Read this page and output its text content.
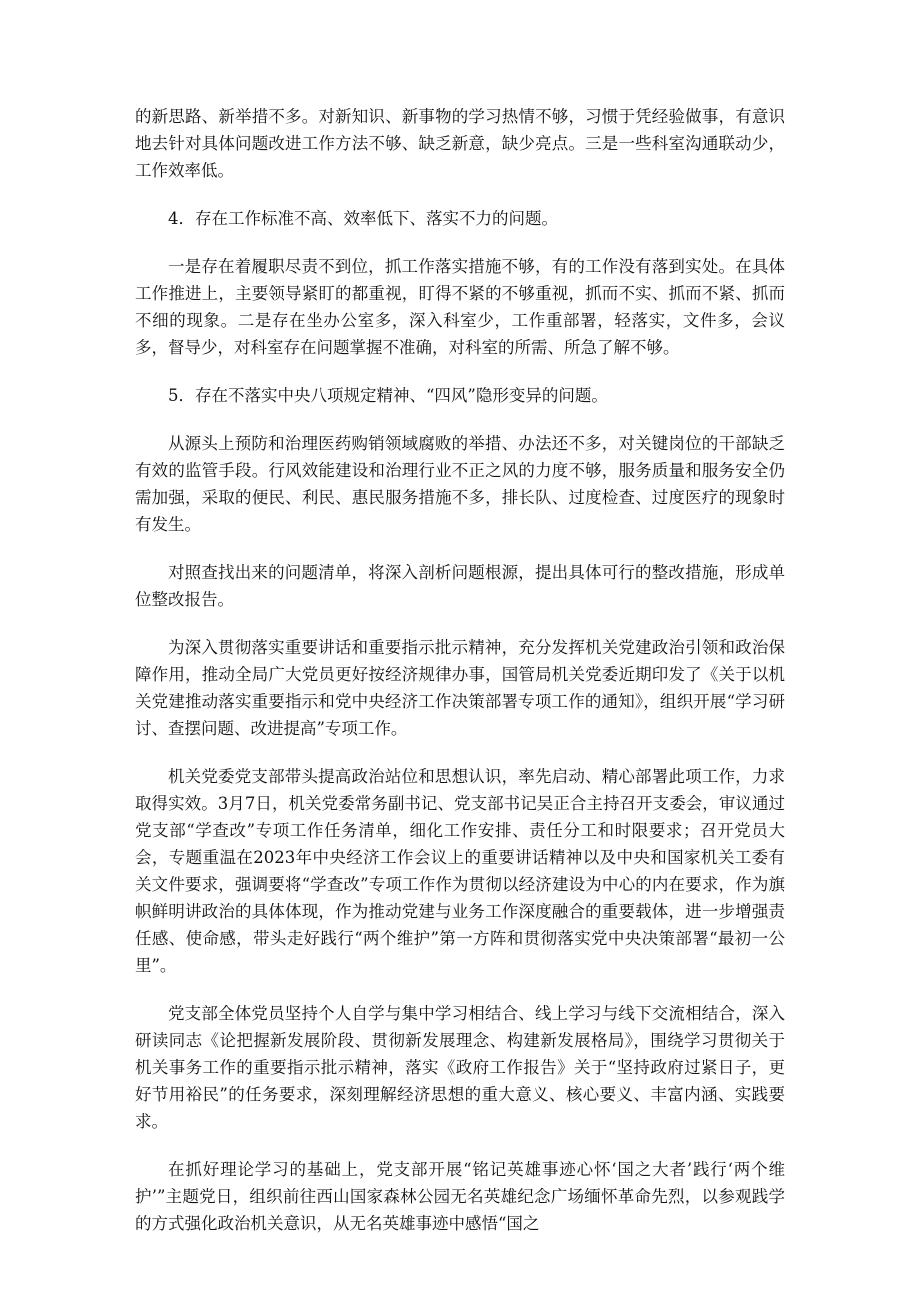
的新思路、新举措不多。对新知识、新事物的学习热情不够，习惯于凭经验做事，有意识地去针对具体问题改进工作方法不够、缺乏新意，缺少亮点。三是一些科室沟通联动少，工作效率低。

4．存在工作标准不高、效率低下、落实不力的问题。

一是存在着履职尽责不到位，抓工作落实措施不够，有的工作没有落到实处。在具体工作推进上，主要领导紧盯的都重视，盯得不紧的不够重视，抓而不实、抓而不紧、抓而不细的现象。二是存在坐办公室多，深入科室少，工作重部署，轻落实，文件多，会议多，督导少，对科室存在问题掌握不准确，对科室的所需、所急了解不够。

5．存在不落实中央八项规定精神、“四风”隐形变异的问题。

从源头上预防和治理医药购销领域腐败的举措、办法还不多，对关键岗位的干部缺乏有效的监管手段。行风效能建设和治理行业不正之风的力度不够，服务质量和服务安全仍需加强，采取的便民、利民、惠民服务措施不多，排长队、过度检查、过度医疗的现象时有发生。

对照查找出来的问题清单，将深入剖析问题根源，提出具体可行的整改措施，形成单位整改报告。

为深入贯彻落实重要讲话和重要指示批示精神，充分发挥机关党建政治引领和政治保障作用，推动全局广大党员更好按经济规律办事，国管局机关党委近期印发了《关于以机关党建推动落实重要指示和党中央经济工作决策部署专项工作的通知》，组织开展“学习研讨、查摆问题、改进提高”专项工作。

机关党委党支部带头提高政治站位和思想认识，率先启动、精心部署此项工作，力求取得实效。3月7日，机关党委常务副书记、党支部书记吴正合主持召开支委会，审议通过党支部“学查改”专项工作任务清单，细化工作安排、责任分工和时限要求；召开党员大会，专题重温在2023年中央经济工作会议上的重要讲话精神以及中央和国家机关工委有关文件要求，强调要将“学查改”专项工作作为贯彻以经济建设为中心的内在要求，作为旗帜鲜明讲政治的具体体现，作为推动党建与业务工作深度融合的重要载体，进一步增强责任感、使命感，带头走好践行“两个维护”第一方阵和贯彻落实党中央决策部署“最初一公里”。

党支部全体党员坚持个人自学与集中学习相结合、线上学习与线下交流相结合，深入研读同志《论把握新发展阶段、贯彻新发展理念、构建新发展格局》，围绕学习贯彻关于机关事务工作的重要指示批示精神，落实《政府工作报告》关于“坚持政府过紧日子，更好节用裕民”的任务要求，深刻理解经济思想的重大意义、核心要义、丰富内涵、实践要求。

在抓好理论学习的基础上，党支部开展“铭记英雄事迹心怀‘国之大者’践行‘两个维护’”主题党日，组织前往西山国家森林公园无名英雄纪念广场缅怀革命先烈，以参观践学的方式强化政治机关意识，从无名英雄事迹中感悟“国之
